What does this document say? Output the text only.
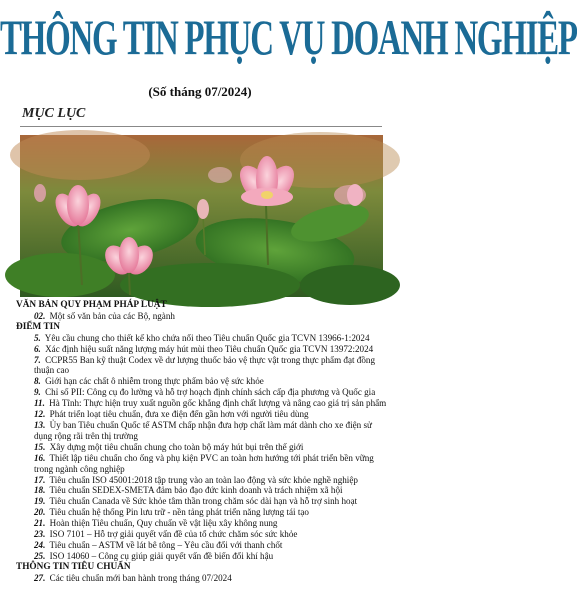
THÔNG TIN PHỤC VỤ DOANH NGHIỆP
(Số tháng 07/2024)
MỤC LỤC
VĂN BẢN QUY PHẠM PHÁP LUẬT
02. Một số văn bản của các Bộ, ngành
ĐIỂM TIN
5. Yêu cầu chung cho thiết kế kho chứa nổi theo Tiêu chuẩn Quốc gia TCVN 13966-1:2024
6. Xác định hiệu suất năng lượng máy hút mùi theo Tiêu chuẩn Quốc gia TCVN 13972:2024
7. CCPR55 Ban kỹ thuật Codex về dư lượng thuốc bảo vệ thực vật trong thực phẩm đạt đồng thuận cao
8. Giới hạn các chất ô nhiễm trong thực phẩm bảo vệ sức khỏe
9. Chỉ số PII: Công cụ đo lường và hỗ trợ hoạch định chính sách cấp địa phương và Quốc gia
11. Hà Tĩnh: Thực hiện truy xuất nguồn gốc khẳng định chất lượng và nâng cao giá trị sản phẩm
12. Phát triển loạt tiêu chuẩn, đưa xe điện đến gần hơn với người tiêu dùng
13. Ủy ban Tiêu chuẩn Quốc tế ASTM chấp nhận đưa hợp chất làm mát dành cho xe điện sử dụng rộng rãi trên thị trường
15. Xây dựng một tiêu chuẩn chung cho toàn bộ máy hút bụi trên thế giới
16. Thiết lập tiêu chuẩn cho ống và phụ kiện PVC an toàn hơn hướng tới phát triển bền vững trong ngành công nghiệp
17. Tiêu chuẩn ISO 45001:2018 tập trung vào an toàn lao động và sức khỏe nghề nghiệp
18. Tiêu chuẩn SEDEX-SMETA đảm bảo đạo đức kinh doanh và trách nhiệm xã hội
19. Tiêu chuẩn Canada về Sức khỏe tâm thần trong chăm sóc dài hạn và hỗ trợ sinh hoạt
20. Tiêu chuẩn hệ thống Pin lưu trữ - nền tảng phát triển năng lượng tái tạo
21. Hoàn thiện Tiêu chuẩn, Quy chuẩn về vật liệu xây không nung
23. ISO 7101 – Hỗ trợ giải quyết vấn đề của tổ chức chăm sóc sức khỏe
24. Tiêu chuẩn – ASTM về lát bê tông – Yêu cầu đổi với thanh chốt
25. ISO 14060 – Công cụ giúp giải quyết vấn đề biến đổi khí hậu
THÔNG TIN TIÊU CHUẨN
27. Các tiêu chuẩn mới ban hành trong tháng 07/2024
